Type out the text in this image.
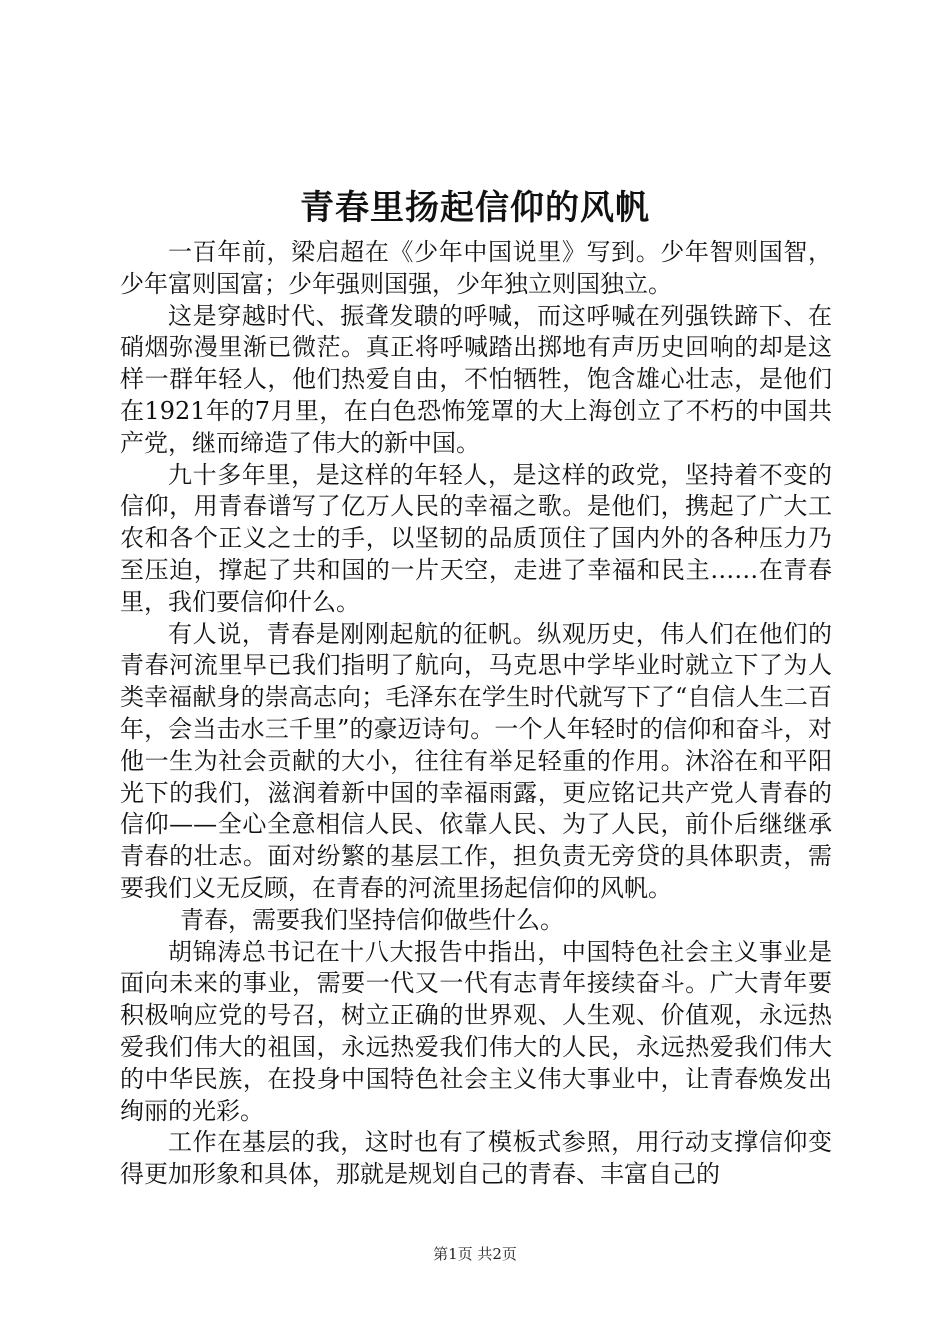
青春里扬起信仰的风帆

一百年前，梁启超在《少年中国说里》写到。少年智则国智，少年富则国富；少年强则国强，少年独立则国独立。

这是穿越时代、振聋发聩的呼喊，而这呼喊在列强铁蹄下、在硝烟弥漫里渐已微茫。真正将呼喊踏出掷地有声历史回响的却是这样一群年轻人，他们热爱自由，不怕牺牲，饱含雄心壮志，是他们在1921年的7月里，在白色恐怖笼罩的大上海创立了不朽的中国共产党，继而缔造了伟大的新中国。

九十多年里，是这样的年轻人，是这样的政党，坚持着不变的信仰，用青春谱写了亿万人民的幸福之歌。是他们，携起了广大工农和各个正义之士的手，以坚韧的品质顶住了国内外的各种压力乃至压迫，撑起了共和国的一片天空，走进了幸福和民主……在青春里，我们要信仰什么。

有人说，青春是刚刚起航的征帆。纵观历史，伟人们在他们的青春河流里早已我们指明了航向，马克思中学毕业时就立下了为人类幸福献身的崇高志向；毛泽东在学生时代就写下了“自信人生二百年，会当击水三千里”的豪迈诗句。一个人年轻时的信仰和奋斗，对他一生为社会贡献的大小，往往有举足轻重的作用。沐浴在和平阳光下的我们，滋润着新中国的幸福雨露，更应铭记共产党人青春的信仰——全心全意相信人民、依靠人民、为了人民，前仆后继继承青春的壮志。面对纷繁的基层工作，担负责无旁贷的具体职责，需要我们义无反顾，在青春的河流里扬起信仰的风帆。

青春，需要我们坚持信仰做些什么。

胡锦涛总书记在十八大报告中指出，中国特色社会主义事业是面向未来的事业，需要一代又一代有志青年接续奋斗。广大青年要积极响应党的号召，树立正确的世界观、人生观、价值观，永远热爱我们伟大的祖国，永远热爱我们伟大的人民，永远热爱我们伟大的中华民族，在投身中国特色社会主义伟大事业中，让青春焕发出绚丽的光彩。

工作在基层的我，这时也有了模板式参照，用行动支撑信仰变得更加形象和具体，那就是规划自己的青春、丰富自己的

第1页 共2页
